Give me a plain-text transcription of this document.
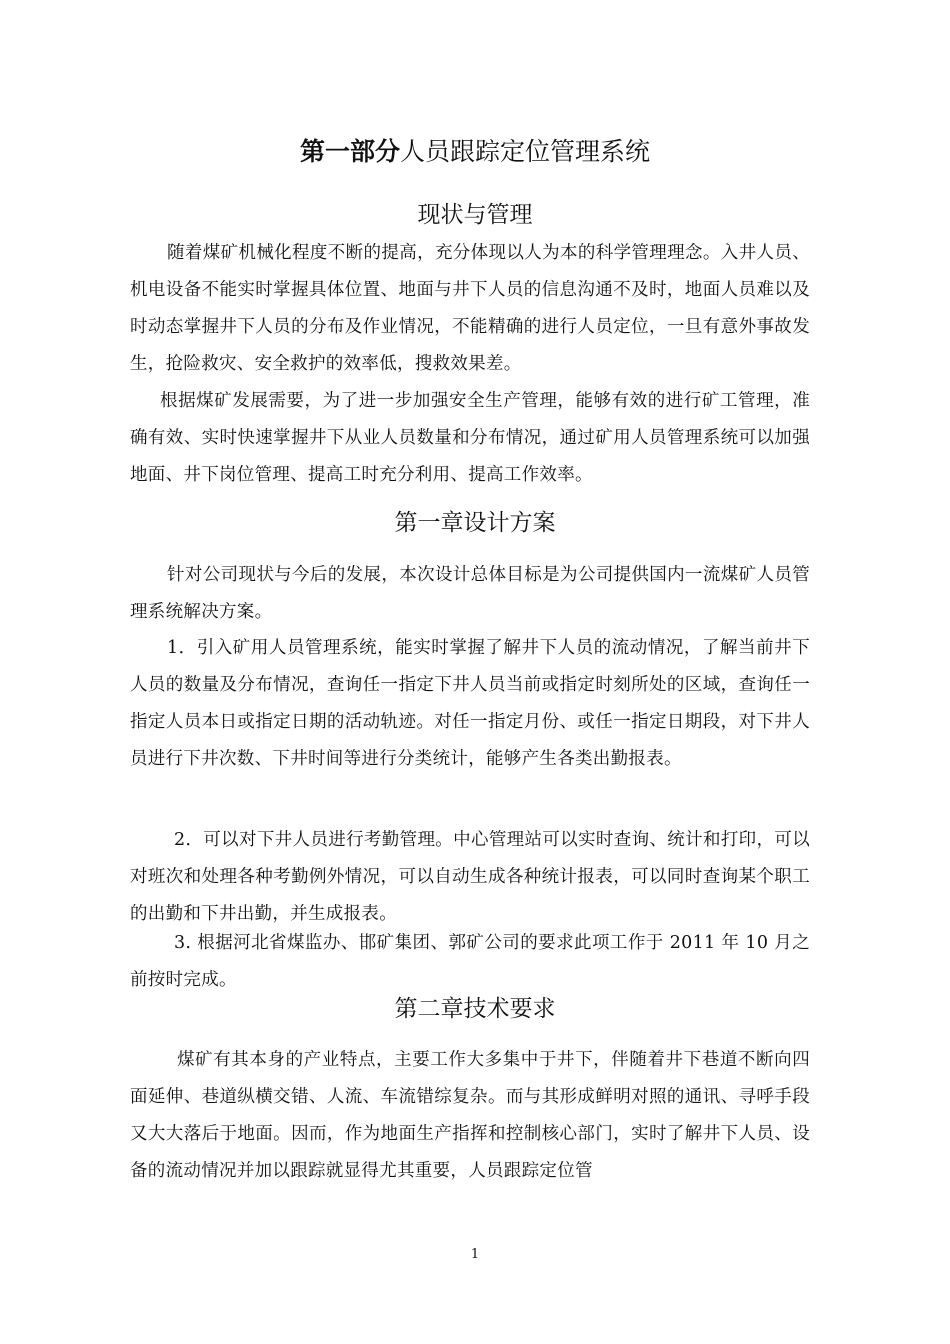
第一部分人员跟踪定位管理系统
现状与管理

随着煤矿机械化程度不断的提高，充分体现以人为本的科学管理理念。入井人员、机电设备不能实时掌握具体位置、地面与井下人员的信息沟通不及时，地面人员难以及时动态掌握井下人员的分布及作业情况，不能精确的进行人员定位，一旦有意外事故发生，抢险救灾、安全救护的效率低，搜救效果差。

根据煤矿发展需要，为了进一步加强安全生产管理，能够有效的进行矿工管理，准确有效、实时快速掌握井下从业人员数量和分布情况，通过矿用人员管理系统可以加强地面、井下岗位管理、提高工时充分利用、提高工作效率。

第一章设计方案

针对公司现状与今后的发展，本次设计总体目标是为公司提供国内一流煤矿人员管理系统解决方案。

1．引入矿用人员管理系统，能实时掌握了解井下人员的流动情况，了解当前井下人员的数量及分布情况，查询任一指定下井人员当前或指定时刻所处的区域，查询任一指定人员本日或指定日期的活动轨迹。对任一指定月份、或任一指定日期段，对下井人员进行下井次数、下井时间等进行分类统计，能够产生各类出勤报表。

2．可以对下井人员进行考勤管理。中心管理站可以实时查询、统计和打印，可以对班次和处理各种考勤例外情况，可以自动生成各种统计报表，可以同时查询某个职工的出勤和下井出勤，并生成报表。

3. 根据河北省煤监办、邯矿集团、郭矿公司的要求此项工作于 2011 年 10 月之前按时完成。

第二章技术要求

煤矿有其本身的产业特点，主要工作大多集中于井下，伴随着井下巷道不断向四面延伸、巷道纵横交错、人流、车流错综复杂。而与其形成鲜明对照的通讯、寻呼手段又大大落后于地面。因而，作为地面生产指挥和控制核心部门，实时了解井下人员、设备的流动情况并加以跟踪就显得尤其重要，人员跟踪定位管

1
